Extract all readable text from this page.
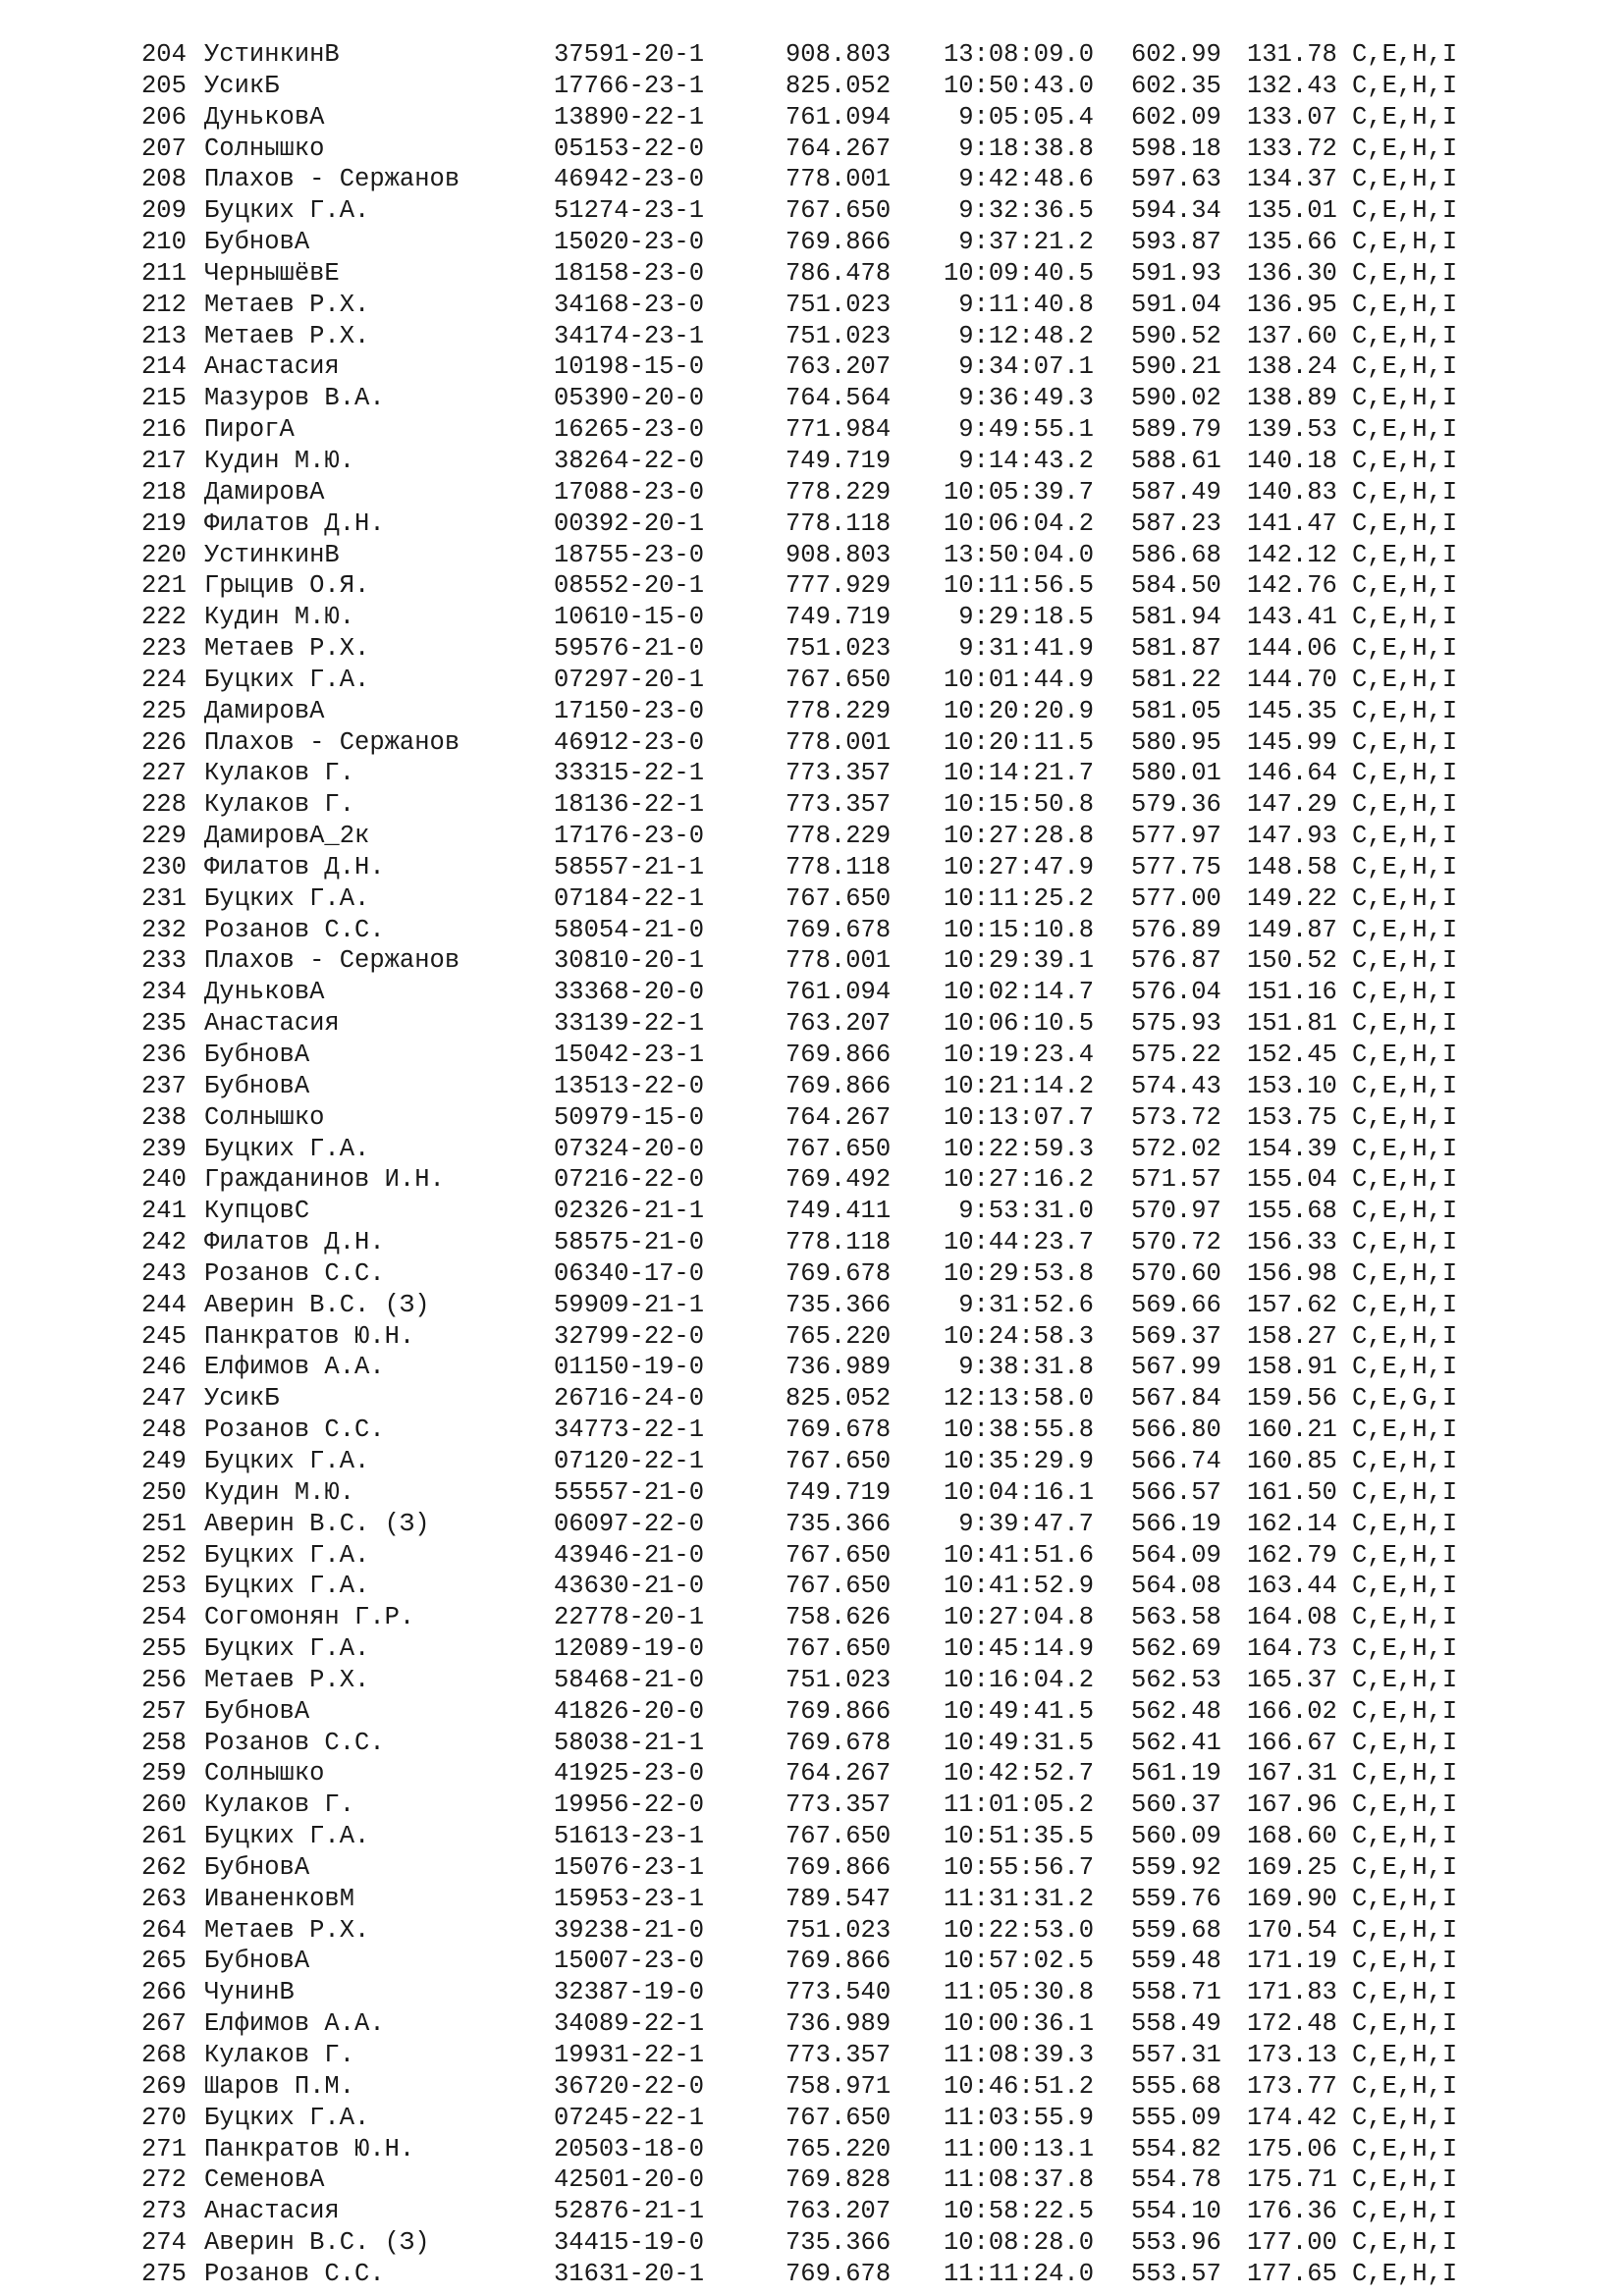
204 УстинкинВ	37591-20-1	908.803	13:08:09.0 602.99 131.78 C,E,H,I
205 УсикБ	17766-23-1	825.052	10:50:43.0 602.35 132.43 C,E,H,I
206 ДуньковА	13890-22-1	761.094	9:05:05.4 602.09 133.07 C,E,H,I
207 Солнышко	05153-22-0	764.267	9:18:38.8 598.18 133.72 C,E,H,I
208 Плахов - Сержанов	46942-23-0	778.001	9:42:48.6 597.63 134.37 C,E,H,I
209 Буцких Г.А.	51274-23-1	767.650	9:32:36.5 594.34 135.01 C,E,H,I
210 БубновА	15020-23-0	769.866	9:37:21.2 593.87 135.66 C,E,H,I
211 ЧернышёвЕ	18158-23-0	786.478	10:09:40.5 591.93 136.30 C,E,H,I
212 Метаев Р.Х.	34168-23-0	751.023	9:11:40.8 591.04 136.95 C,E,H,I
213 Метаев Р.Х.	34174-23-1	751.023	9:12:48.2 590.52 137.60 C,E,H,I
214 Анастасия	10198-15-0	763.207	9:34:07.1 590.21 138.24 C,E,H,I
215 Мазуров В.А.	05390-20-0	764.564	9:36:49.3 590.02 138.89 C,E,H,I
216 ПирогА	16265-23-0	771.984	9:49:55.1 589.79 139.53 C,E,H,I
217 Кудин М.Ю.	38264-22-0	749.719	9:14:43.2 588.61 140.18 C,E,H,I
218 ДамировА	17088-23-0	778.229	10:05:39.7 587.49 140.83 C,E,H,I
219 Филатов Д.Н.	00392-20-1	778.118	10:06:04.2 587.23 141.47 C,E,H,I
220 УстинкинВ	18755-23-0	908.803	13:50:04.0 586.68 142.12 C,E,H,I
221 Грыцив О.Я.	08552-20-1	777.929	10:11:56.5 584.50 142.76 C,E,H,I
222 Кудин М.Ю.	10610-15-0	749.719	9:29:18.5 581.94 143.41 C,E,H,I
223 Метаев Р.Х.	59576-21-0	751.023	9:31:41.9 581.87 144.06 C,E,H,I
224 Буцких Г.А.	07297-20-1	767.650	10:01:44.9 581.22 144.70 C,E,H,I
225 ДамировА	17150-23-0	778.229	10:20:20.9 581.05 145.35 C,E,H,I
226 Плахов - Сержанов	46912-23-0	778.001	10:20:11.5 580.95 145.99 C,E,H,I
227 Кулаков Г.	33315-22-1	773.357	10:14:21.7 580.01 146.64 C,E,H,I
228 Кулаков Г.	18136-22-1	773.357	10:15:50.8 579.36 147.29 C,E,H,I
229 ДамировА_2к	17176-23-0	778.229	10:27:28.8 577.97 147.93 C,E,H,I
230 Филатов Д.Н.	58557-21-1	778.118	10:27:47.9 577.75 148.58 C,E,H,I
231 Буцких Г.А.	07184-22-1	767.650	10:11:25.2 577.00 149.22 C,E,H,I
232 Розанов С.С.	58054-21-0	769.678	10:15:10.8 576.89 149.87 C,E,H,I
233 Плахов - Сержанов	30810-20-1	778.001	10:29:39.1 576.87 150.52 C,E,H,I
234 ДуньковА	33368-20-0	761.094	10:02:14.7 576.04 151.16 C,E,H,I
235 Анастасия	33139-22-1	763.207	10:06:10.5 575.93 151.81 C,E,H,I
236 БубновА	15042-23-1	769.866	10:19:23.4 575.22 152.45 C,E,H,I
237 БубновА	13513-22-0	769.866	10:21:14.2 574.43 153.10 C,E,H,I
238 Солнышко	50979-15-0	764.267	10:13:07.7 573.72 153.75 C,E,H,I
239 Буцких Г.А.	07324-20-0	767.650	10:22:59.3 572.02 154.39 C,E,H,I
240 Гражданинов И.Н.	07216-22-0	769.492	10:27:16.2 571.57 155.04 C,E,H,I
241 КупцовС	02326-21-1	749.411	9:53:31.0 570.97 155.68 C,E,H,I
242 Филатов Д.Н.	58575-21-0	778.118	10:44:23.7 570.72 156.33 C,E,H,I
243 Розанов С.С.	06340-17-0	769.678	10:29:53.8 570.60 156.98 C,E,H,I
244 Аверин В.С. (З)	59909-21-1	735.366	9:31:52.6 569.66 157.62 C,E,H,I
245 Панкратов Ю.Н.	32799-22-0	765.220	10:24:58.3 569.37 158.27 C,E,H,I
246 Елфимов А.А.	01150-19-0	736.989	9:38:31.8 567.99 158.91 C,E,H,I
247 УсикБ	26716-24-0	825.052	12:13:58.0 567.84 159.56 C,E,G,I
248 Розанов С.С.	34773-22-1	769.678	10:38:55.8 566.80 160.21 C,E,H,I
249 Буцких Г.А.	07120-22-1	767.650	10:35:29.9 566.74 160.85 C,E,H,I
250 Кудин М.Ю.	55557-21-0	749.719	10:04:16.1 566.57 161.50 C,E,H,I
251 Аверин В.С. (З)	06097-22-0	735.366	9:39:47.7 566.19 162.14 C,E,H,I
252 Буцких Г.А.	43946-21-0	767.650	10:41:51.6 564.09 162.79 C,E,H,I
253 Буцких Г.А.	43630-21-0	767.650	10:41:52.9 564.08 163.44 C,E,H,I
254 Согомонян Г.Р.	22778-20-1	758.626	10:27:04.8 563.58 164.08 C,E,H,I
255 Буцких Г.А.	12089-19-0	767.650	10:45:14.9 562.69 164.73 C,E,H,I
256 Метаев Р.Х.	58468-21-0	751.023	10:16:04.2 562.53 165.37 C,E,H,I
257 БубновА	41826-20-0	769.866	10:49:41.5 562.48 166.02 C,E,H,I
258 Розанов С.С.	58038-21-1	769.678	10:49:31.5 562.41 166.67 C,E,H,I
259 Солнышко	41925-23-0	764.267	10:42:52.7 561.19 167.31 C,E,H,I
260 Кулаков Г.	19956-22-0	773.357	11:01:05.2 560.37 167.96 C,E,H,I
261 Буцких Г.А.	51613-23-1	767.650	10:51:35.5 560.09 168.60 C,E,H,I
262 БубновА	15076-23-1	769.866	10:55:56.7 559.92 169.25 C,E,H,I
263 ИваненковМ	15953-23-1	789.547	11:31:31.2 559.76 169.90 C,E,H,I
264 Метаев Р.Х.	39238-21-0	751.023	10:22:53.0 559.68 170.54 C,E,H,I
265 БубновА	15007-23-0	769.866	10:57:02.5 559.48 171.19 C,E,H,I
266 ЧунинВ	32387-19-0	773.540	11:05:30.8 558.71 171.83 C,E,H,I
267 Елфимов А.А.	34089-22-1	736.989	10:00:36.1 558.49 172.48 C,E,H,I
268 Кулаков Г.	19931-22-1	773.357	11:08:39.3 557.31 173.13 C,E,H,I
269 Шаров П.М.	36720-22-0	758.971	10:46:51.2 555.68 173.77 C,E,H,I
270 Буцких Г.А.	07245-22-1	767.650	11:03:55.9 555.09 174.42 C,E,H,I
271 Панкратов Ю.Н.	20503-18-0	765.220	11:00:13.1 554.82 175.06 C,E,H,I
272 СеменовА	42501-20-0	769.828	11:08:37.8 554.78 175.71 C,E,H,I
273 Анастасия	52876-21-1	763.207	10:58:22.5 554.10 176.36 C,E,H,I
274 Аверин В.С. (З)	34415-19-0	735.366	10:08:28.0 553.96 177.00 C,E,H,I
275 Розанов С.С.	31631-20-1	769.678	11:11:24.0 553.57 177.65 C,E,H,I
